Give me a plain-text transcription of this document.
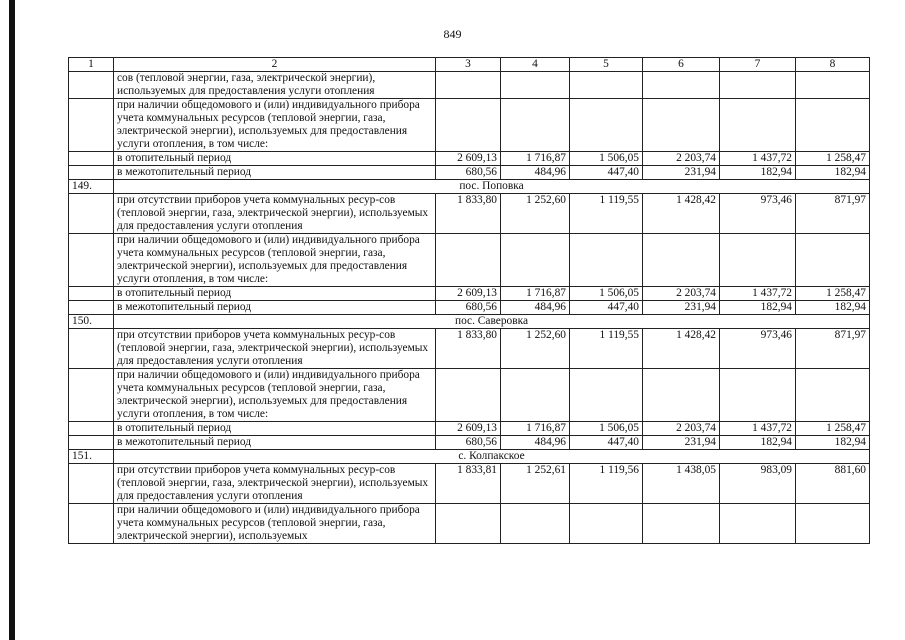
849
1	2	3	4	5	6	7	8
	сов (тепловой энергии, газа, электрической энергии), используемых для предоставления услуги отопления						
	при наличии общедомового и (или) индивидуального прибора учета коммунальных ресурсов (тепловой энергии, газа, электрической энергии), используемых для предоставления услуги отопления, в том числе:						
	в отопительный период	2 609,13	1 716,87	1 506,05	2 203,74	1 437,72	1 258,47
	в межотопительный период	680,56	484,96	447,40	231,94	182,94	182,94
149.	пос. Поповка						
	при отсутствии приборов учета коммунальных ресур-сов (тепловой энергии, газа, электрической энергии), используемых для предоставления услуги отопления	1 833,80	1 252,60	1 119,55	1 428,42	973,46	871,97
	при наличии общедомового и (или) индивидуального прибора учета коммунальных ресурсов (тепловой энергии, газа, электрической энергии), используемых для предоставления услуги отопления, в том числе:						
	в отопительный период	2 609,13	1 716,87	1 506,05	2 203,74	1 437,72	1 258,47
	в межотопительный период	680,56	484,96	447,40	231,94	182,94	182,94
150.	пос. Саверовка						
	при отсутствии приборов учета коммунальных ресур-сов (тепловой энергии, газа, электрической энергии), используемых для предоставления услуги отопления	1 833,80	1 252,60	1 119,55	1 428,42	973,46	871,97
	при наличии общедомового и (или) индивидуального прибора учета коммунальных ресурсов (тепловой энергии, газа, электрической энергии), используемых для предоставления услуги отопления, в том числе:						
	в отопительный период	2 609,13	1 716,87	1 506,05	2 203,74	1 437,72	1 258,47
	в межотопительный период	680,56	484,96	447,40	231,94	182,94	182,94
151.	с. Колпакское						
	при отсутствии приборов учета коммунальных ресур-сов (тепловой энергии, газа, электрической энергии), используемых для предоставления услуги отопления	1 833,81	1 252,61	1 119,56	1 438,05	983,09	881,60
	при наличии общедомового и (или) индивидуального прибора учета коммунальных ресурсов (тепловой энергии, газа, электрической энергии), используемых						
